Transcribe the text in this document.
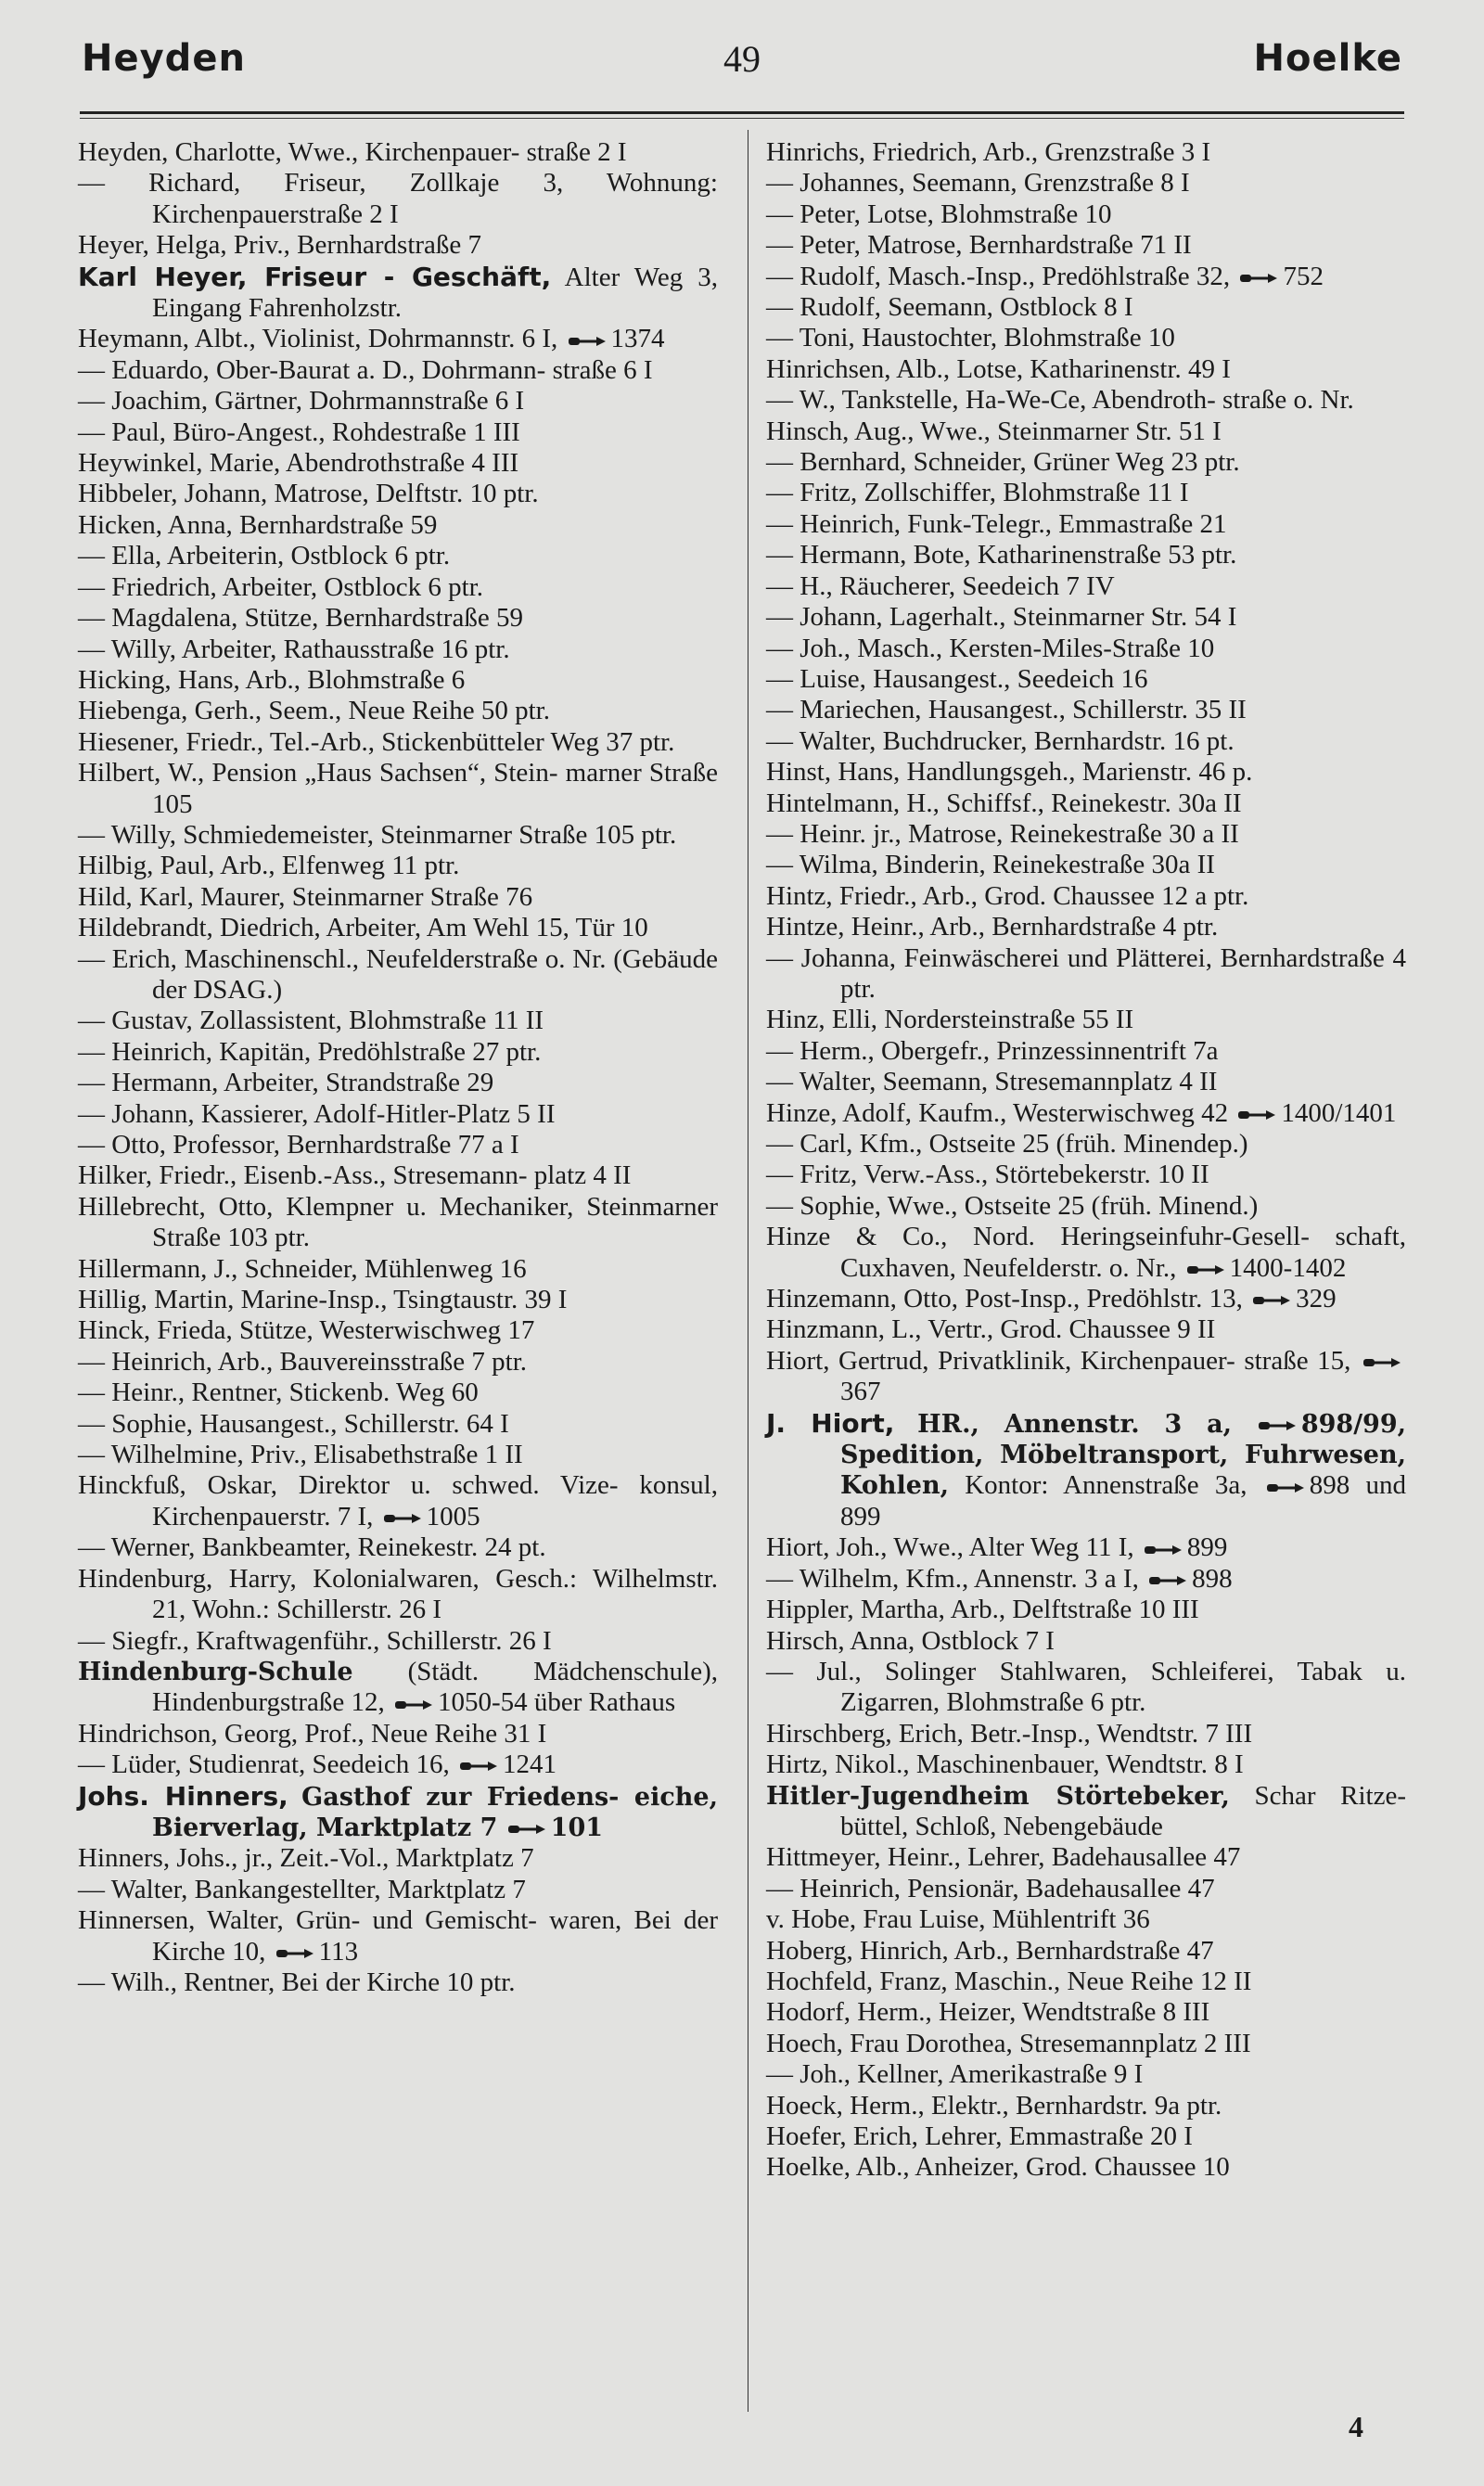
Heyden	49	Hoelke

Heyden, Charlotte, Wwe., Kirchenpauer- straße 2 I

— Richard, Friseur, Zollkaje 3, Wohnung: Kirchenpauerstraße 2 I

Heyer, Helga, Priv., Bernhardstraße 7

Karl Heyer, Friseur - Geschäft, Alter Weg 3, Eingang Fahrenholzstr.

Heymann, Albt., Violinist, Dohrmannstr. 6 I,
1374

— Eduardo, Ober-Baurat a. D., Dohrmann- straße 6 I

— Joachim, Gärtner, Dohrmannstraße 6 I

— Paul, Büro-Angest., Rohdestraße 1 III

Heywinkel, Marie, Abendrothstraße 4 III

Hibbeler, Johann, Matrose, Delftstr. 10 ptr.

Hicken, Anna, Bernhardstraße 59

— Ella, Arbeiterin, Ostblock 6 ptr.

— Friedrich, Arbeiter, Ostblock 6 ptr.

— Magdalena, Stütze, Bernhardstraße 59

— Willy, Arbeiter, Rathausstraße 16 ptr.

Hicking, Hans, Arb., Blohmstraße 6

Hiebenga, Gerh., Seem., Neue Reihe 50 ptr.

Hiesener, Friedr., Tel.-Arb., Stickenbütteler Weg 37 ptr.

Hilbert, W., Pension „Haus Sachsen“, Stein- marner Straße 105

— Willy, Schmiedemeister, Steinmarner Straße 105 ptr.

Hilbig, Paul, Arb., Elfenweg 11 ptr.

Hild, Karl, Maurer, Steinmarner Straße 76

Hildebrandt, Diedrich, Arbeiter, Am Wehl 15, Tür 10

— Erich, Maschinenschl., Neufelderstraße o. Nr. (Gebäude der DSAG.)

— Gustav, Zollassistent, Blohmstraße 11 II

— Heinrich, Kapitän, Predöhlstraße 27 ptr.

— Hermann, Arbeiter, Strandstraße 29

— Johann, Kassierer, Adolf-Hitler-Platz 5 II

— Otto, Professor, Bernhardstraße 77 a I

Hilker, Friedr., Eisenb.-Ass., Stresemann- platz 4 II

Hillebrecht, Otto, Klempner u. Mechaniker, Steinmarner Straße 103 ptr.

Hillermann, J., Schneider, Mühlenweg 16

Hillig, Martin, Marine-Insp., Tsingtaustr. 39 I

Hinck, Frieda, Stütze, Westerwischweg 17

— Heinrich, Arb., Bauvereinsstraße 7 ptr.

— Heinr., Rentner, Stickenb. Weg 60

— Sophie, Hausangest., Schillerstr. 64 I

— Wilhelmine, Priv., Elisabethstraße 1 II

Hinckfuß, Oskar, Direktor u. schwed. Vize- konsul, Kirchenpauerstr. 7 I,
1005

— Werner, Bankbeamter, Reinekestr. 24 pt.

Hindenburg, Harry, Kolonialwaren, Gesch.: Wilhelmstr. 21, Wohn.: Schillerstr. 26 I

— Siegfr., Kraftwagenführ., Schillerstr. 26 I

Hindenburg-Schule (Städt. Mädchenschule), Hindenburgstraße 12,
1050-54 über Rathaus

Hindrichson, Georg, Prof., Neue Reihe 31 I

— Lüder, Studienrat, Seedeich 16,
1241

Johs. Hinners, Gasthof zur Friedens- eiche, Bierverlag, Marktplatz 7 101

Hinners, Johs., jr., Zeit.-Vol., Marktplatz 7

— Walter, Bankangestellter, Marktplatz 7

Hinnersen, Walter, Grün- und Gemischt- waren, Bei der Kirche 10,
113

— Wilh., Rentner, Bei der Kirche 10 ptr.

Hinrichs, Friedrich, Arb., Grenzstraße 3 I

— Johannes, Seemann, Grenzstraße 8 I

— Peter, Lotse, Blohmstraße 10

— Peter, Matrose, Bernhardstraße 71 II

— Rudolf, Masch.-Insp., Predöhlstraße 32,
752

— Rudolf, Seemann, Ostblock 8 I

— Toni, Haustochter, Blohmstraße 10

Hinrichsen, Alb., Lotse, Katharinenstr. 49 I

— W., Tankstelle, Ha-We-Ce, Abendroth- straße o. Nr.

Hinsch, Aug., Wwe., Steinmarner Str. 51 I

— Bernhard, Schneider, Grüner Weg 23 ptr.

— Fritz, Zollschiffer, Blohmstraße 11 I

— Heinrich, Funk-Telegr., Emmastraße 21

— Hermann, Bote, Katharinenstraße 53 ptr.

— H., Räucherer, Seedeich 7 IV

— Johann, Lagerhalt., Steinmarner Str. 54 I

— Joh., Masch., Kersten-Miles-Straße 10

— Luise, Hausangest., Seedeich 16

— Mariechen, Hausangest., Schillerstr. 35 II

— Walter, Buchdrucker, Bernhardstr. 16 pt.

Hinst, Hans, Handlungsgeh., Marienstr. 46 p.

Hintelmann, H., Schiffsf., Reinekestr. 30a II

— Heinr. jr., Matrose, Reinekestraße 30 a II

— Wilma, Binderin, Reinekestraße 30a II

Hintz, Friedr., Arb., Grod. Chaussee 12 a ptr.

Hintze, Heinr., Arb., Bernhardstraße 4 ptr.

— Johanna, Feinwäscherei und Plätterei, Bernhardstraße 4 ptr.

Hinz, Elli, Nordersteinstraße 55 II

— Herm., Obergefr., Prinzessinnentrift 7a

— Walter, Seemann, Stresemannplatz 4 II

Hinze, Adolf, Kaufm., Westerwischweg 42
1400/1401

— Carl, Kfm., Ostseite 25 (früh. Minendep.)

— Fritz, Verw.-Ass., Störtebekerstr. 10 II

— Sophie, Wwe., Ostseite 25 (früh. Minend.)

Hinze & Co., Nord. Heringseinfuhr-Gesell- schaft, Cuxhaven, Neufelderstr. o. Nr.,
1400-1402

Hinzemann, Otto, Post-Insp., Predöhlstr. 13,
329

Hinzmann, L., Vertr., Grod. Chaussee 9 II

Hiort, Gertrud, Privatklinik, Kirchenpauer- straße 15,
367

J. Hiort, HR., Annenstr. 3 a,	898/99, Spedition, Möbeltransport, Fuhrwesen, Kohlen, Kontor: Annenstraße 3a,
898 und 899

Hiort, Joh., Wwe., Alter Weg 11 I,
899

— Wilhelm, Kfm., Annenstr. 3 a I,
898

Hippler, Martha, Arb., Delftstraße 10 III

Hirsch, Anna, Ostblock 7 I

— Jul., Solinger Stahlwaren, Schleiferei, Tabak u. Zigarren, Blohmstraße 6 ptr.

Hirschberg, Erich, Betr.-Insp., Wendtstr. 7 III

Hirtz, Nikol., Maschinenbauer, Wendtstr. 8 I

Hitler-Jugendheim Störtebeker, Schar Ritze- büttel, Schloß, Nebengebäude

Hittmeyer, Heinr., Lehrer, Badehausallee 47

— Heinrich, Pensionär, Badehausallee 47

v. Hobe, Frau Luise, Mühlentrift 36

Hoberg, Hinrich, Arb., Bernhardstraße 47

Hochfeld, Franz, Maschin., Neue Reihe 12 II

Hodorf, Herm., Heizer, Wendtstraße 8 III

Hoech, Frau Dorothea, Stresemannplatz 2 III

— Joh., Kellner, Amerikastraße 9 I

Hoeck, Herm., Elektr., Bernhardstr. 9a ptr.

Hoefer, Erich, Lehrer, Emmastraße 20 I

Hoelke, Alb., Anheizer, Grod. Chaussee 10

4
